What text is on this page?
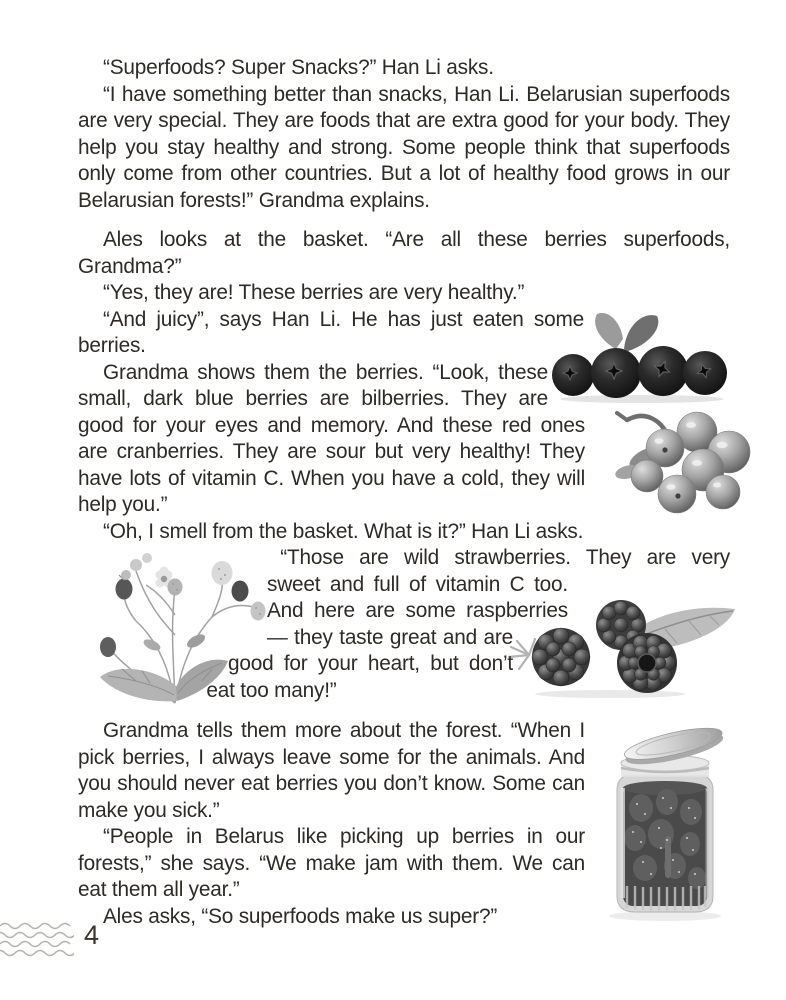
“Superfoods? Super Snacks?” Han Li asks.

“I have something better than snacks, Han Li. Belarusian superfoods are very special. They are foods that are extra good for your body. They help you stay healthy and strong. Some people think that superfoods only come from other countries. But a lot of healthy food grows in our Belarusian forests!” Grandma explains.

Ales looks at the basket. “Are all these berries superfoods, Grandma?”

“Yes, they are! These berries are very healthy.”

“And juicy”, says Han Li. He has just eaten some berries.

Grandma shows them the berries. “Look, these small, dark blue berries are bilberries. They are good for your eyes and memory. And these red ones are cranberries. They are sour but very healthy! They have lots of vitamin C. When you have a cold, they will help you.”

“Oh, I smell from the basket. What is it?” Han Li asks.

“Those are wild strawberries. They are very sweet and full of vitamin C too. And here are some raspberries — they taste great and are good for your heart, but don’t eat too many!”

Grandma tells them more about the forest. “When I pick berries, I always leave some for the animals. And you should never eat berries you don’t know. Some can make you sick.”

“People in Belarus like picking up berries in our forests,” she says. “We make jam with them. We can eat them all year.”

Ales asks, “So superfoods make us super?”

4
